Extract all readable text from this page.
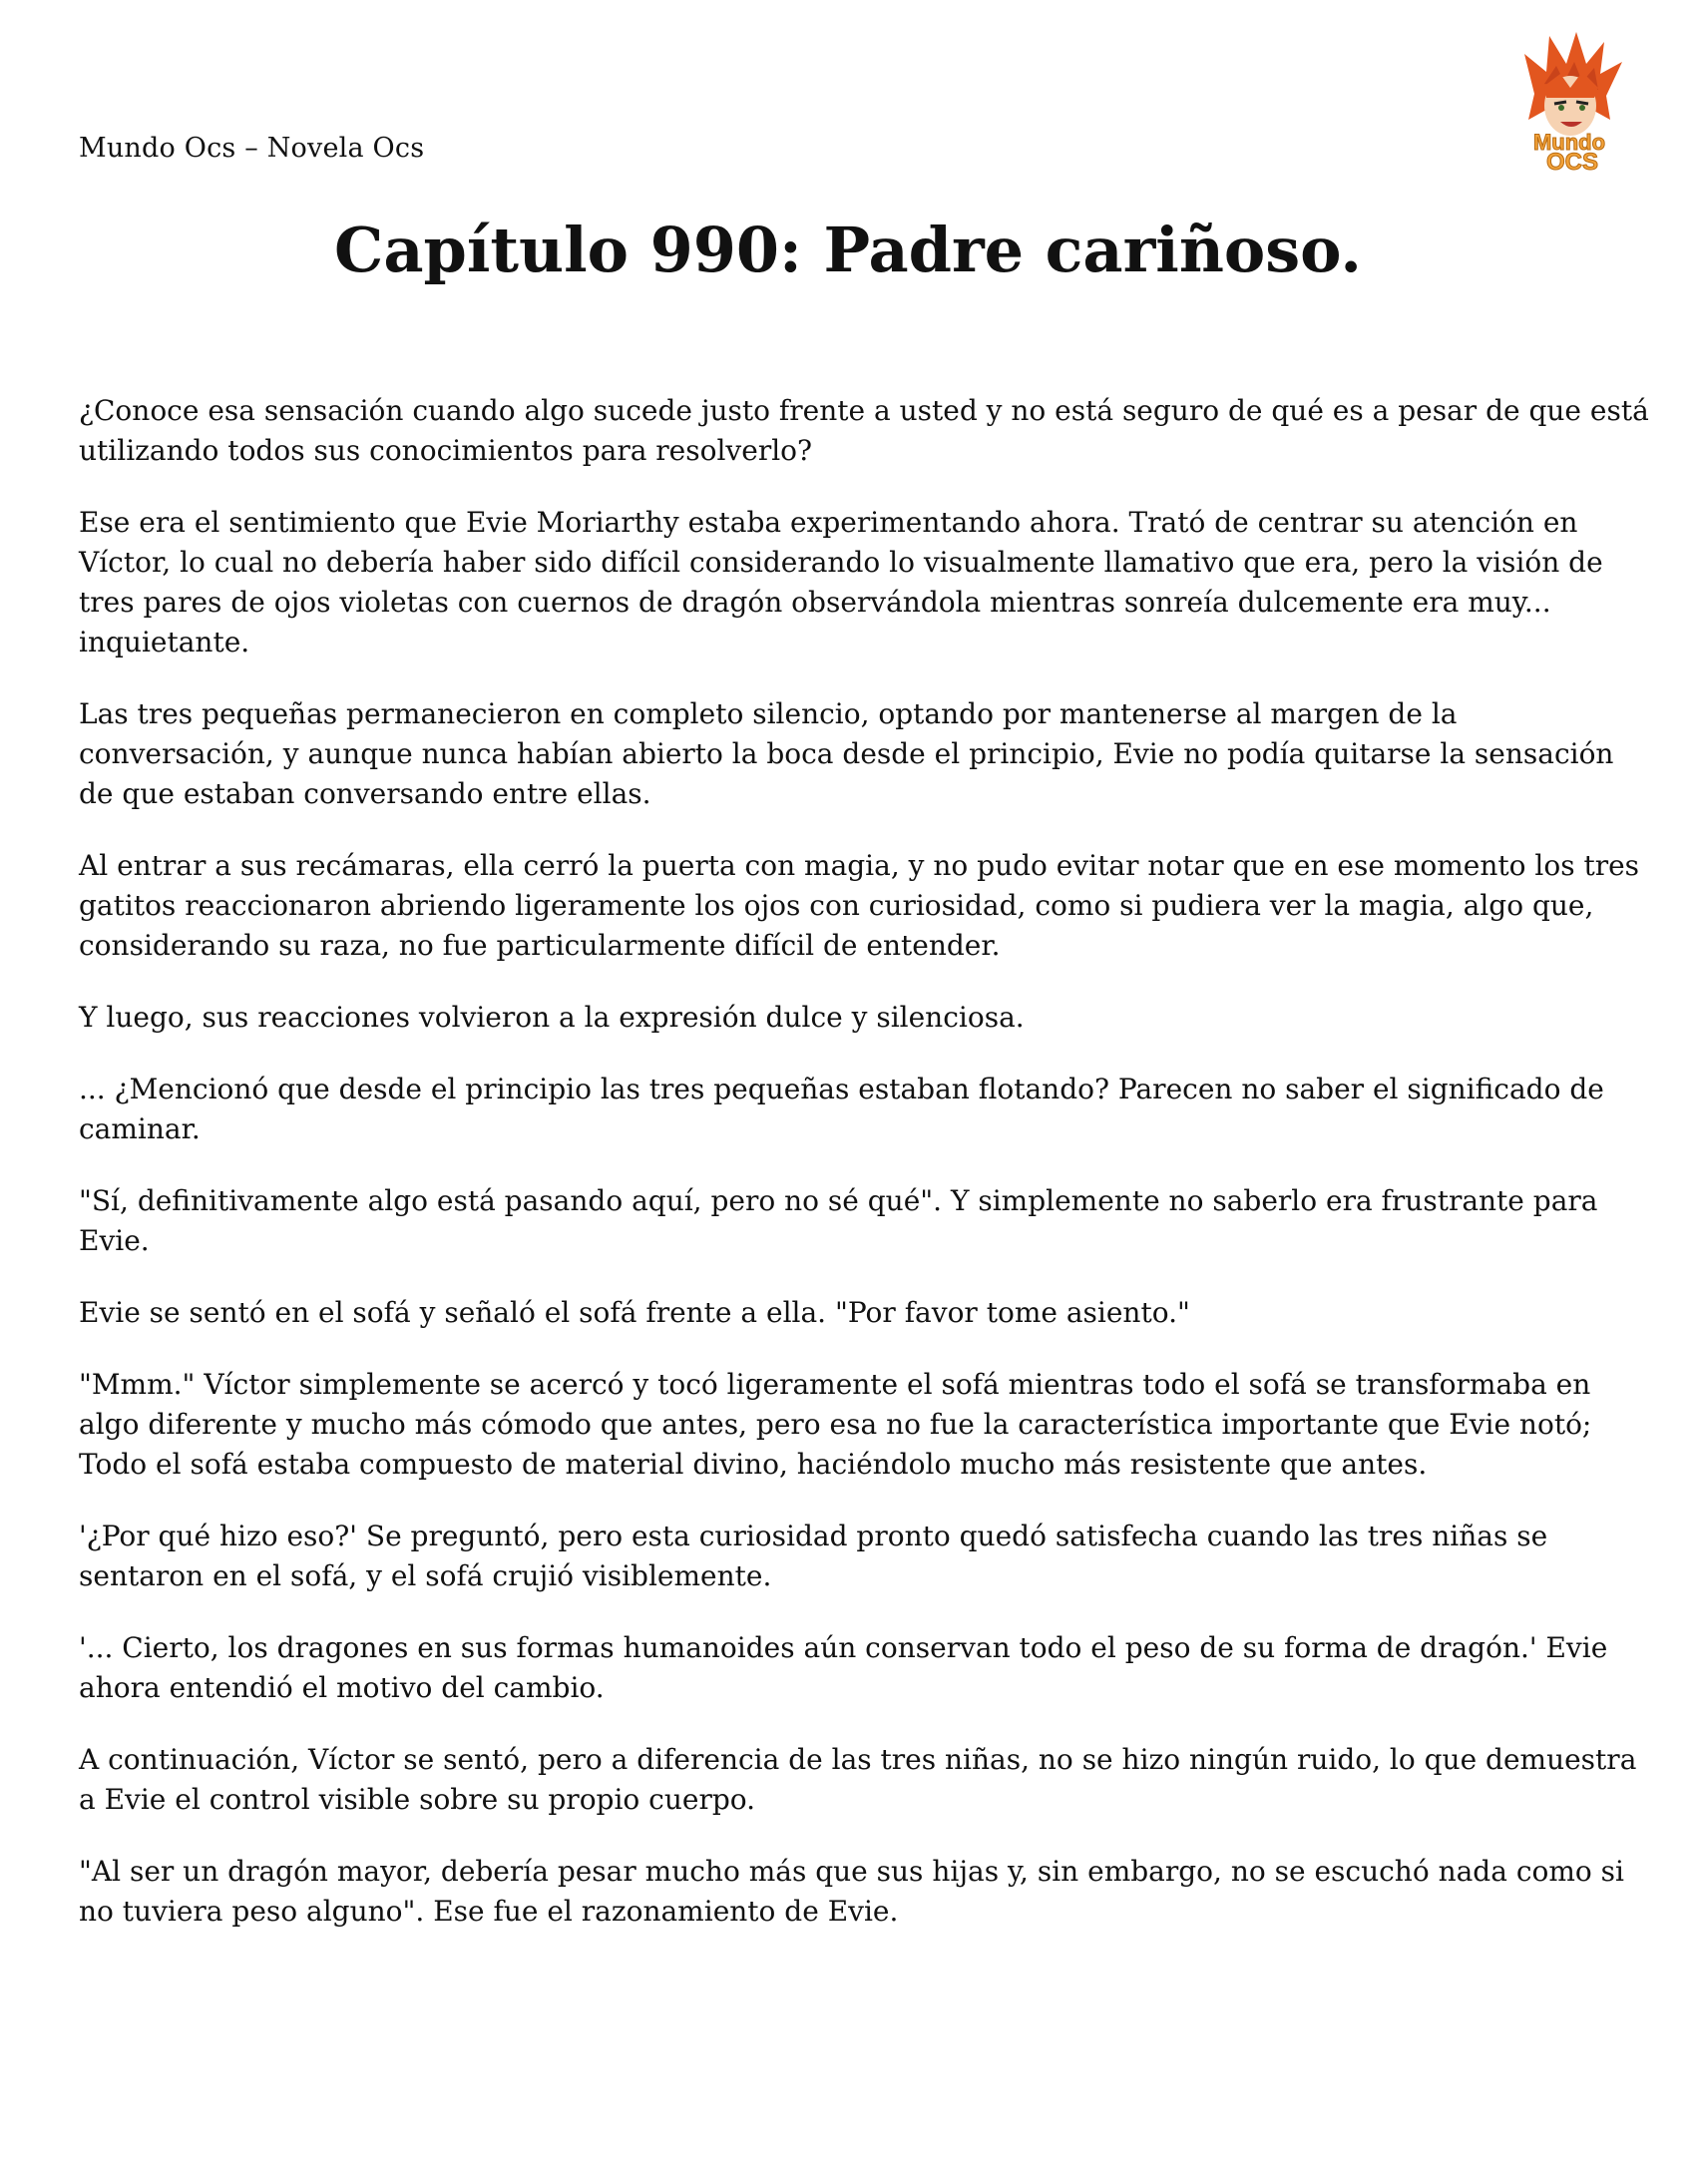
Mundo Ocs – Novela Ocs	Mundo
OCS
Capítulo 990: Padre cariñoso.

¿Conoce esa sensación cuando algo sucede justo frente a usted y no está seguro de qué es a pesar de que está utilizando todos sus conocimientos para resolverlo?

Ese era el sentimiento que Evie Moriarthy estaba experimentando ahora. Trató de centrar su atención en Víctor, lo cual no debería haber sido difícil considerando lo visualmente llamativo que era, pero la visión de tres pares de ojos violetas con cuernos de dragón observándola mientras sonreía dulcemente era muy... inquietante.

Las tres pequeñas permanecieron en completo silencio, optando por mantenerse al margen de la conversación, y aunque nunca habían abierto la boca desde el principio, Evie no podía quitarse la sensación de que estaban conversando entre ellas.

Al entrar a sus recámaras, ella cerró la puerta con magia, y no pudo evitar notar que en ese momento los tres gatitos reaccionaron abriendo ligeramente los ojos con curiosidad, como si pudiera ver la magia, algo que, considerando su raza, no fue particularmente difícil de entender.

Y luego, sus reacciones volvieron a la expresión dulce y silenciosa.

... ¿Mencionó que desde el principio las tres pequeñas estaban flotando? Parecen no saber el significado de caminar.

"Sí, definitivamente algo está pasando aquí, pero no sé qué". Y simplemente no saberlo era frustrante para Evie.

Evie se sentó en el sofá y señaló el sofá frente a ella. "Por favor tome asiento."

"Mmm." Víctor simplemente se acercó y tocó ligeramente el sofá mientras todo el sofá se transformaba en algo diferente y mucho más cómodo que antes, pero esa no fue la característica importante que Evie notó; Todo el sofá estaba compuesto de material divino, haciéndolo mucho más resistente que antes.

'¿Por qué hizo eso?' Se preguntó, pero esta curiosidad pronto quedó satisfecha cuando las tres niñas se sentaron en el sofá, y el sofá crujió visiblemente.

'... Cierto, los dragones en sus formas humanoides aún conservan todo el peso de su forma de dragón.' Evie ahora entendió el motivo del cambio.

A continuación, Víctor se sentó, pero a diferencia de las tres niñas, no se hizo ningún ruido, lo que demuestra a Evie el control visible sobre su propio cuerpo.

"Al ser un dragón mayor, debería pesar mucho más que sus hijas y, sin embargo, no se escuchó nada como si no tuviera peso alguno". Ese fue el razonamiento de Evie.
